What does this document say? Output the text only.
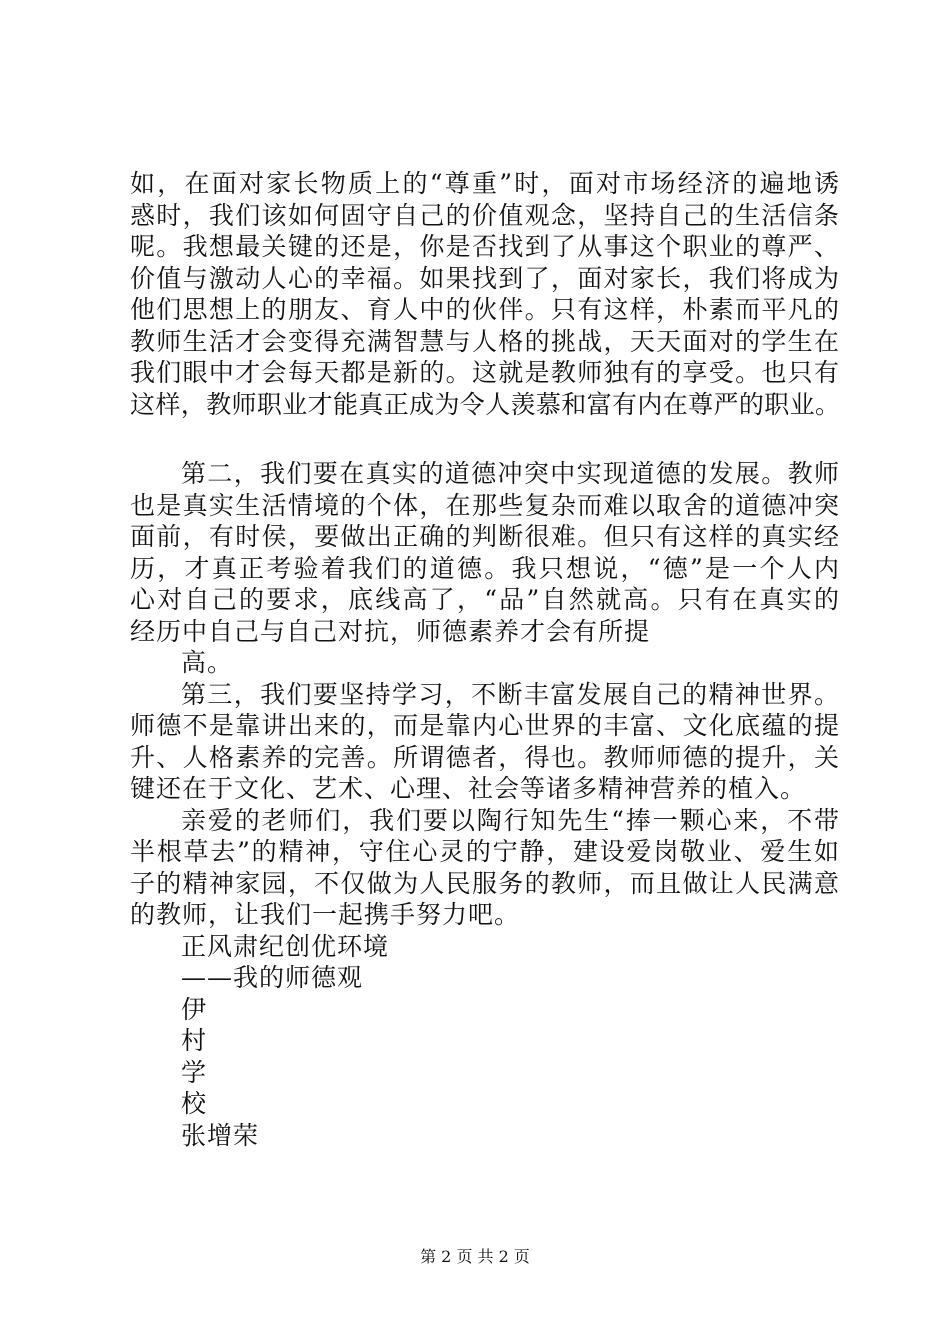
如，在面对家长物质上的“尊重”时，面对市场经济的遍地诱
惑时，我们该如何固守自己的价值观念，坚持自己的生活信条
呢。我想最关键的还是，你是否找到了从事这个职业的尊严、
价值与激动人心的幸福。如果找到了，面对家长，我们将成为
他们思想上的朋友、育人中的伙伴。只有这样，朴素而平凡的
教师生活才会变得充满智慧与人格的挑战，天天面对的学生在
我们眼中才会每天都是新的。这就是教师独有的享受。也只有
这样，教师职业才能真正成为令人羡慕和富有内在尊严的职业。
第二，我们要在真实的道德冲突中实现道德的发展。教师
也是真实生活情境的个体，在那些复杂而难以取舍的道德冲突
面前，有时侯，要做出正确的判断很难。但只有这样的真实经
历，才真正考验着我们的道德。我只想说，“德”是一个人内
心对自己的要求，底线高了，“品”自然就高。只有在真实的
经历中自己与自己对抗，师德素养才会有所提
高。
第三，我们要坚持学习，不断丰富发展自己的精神世界。
师德不是靠讲出来的，而是靠内心世界的丰富、文化底蕴的提
升、人格素养的完善。所谓德者，得也。教师师德的提升，关
键还在于文化、艺术、心理、社会等诸多精神营养的植入。
亲爱的老师们，我们要以陶行知先生“捧一颗心来，不带
半根草去”的精神，守住心灵的宁静，建设爱岗敬业、爱生如
子的精神家园，不仅做为人民服务的教师，而且做让人民满意
的教师，让我们一起携手努力吧。
正风肃纪创优环境
——我的师德观
伊
村
学
校
张增荣
第 2 页 共 2 页
